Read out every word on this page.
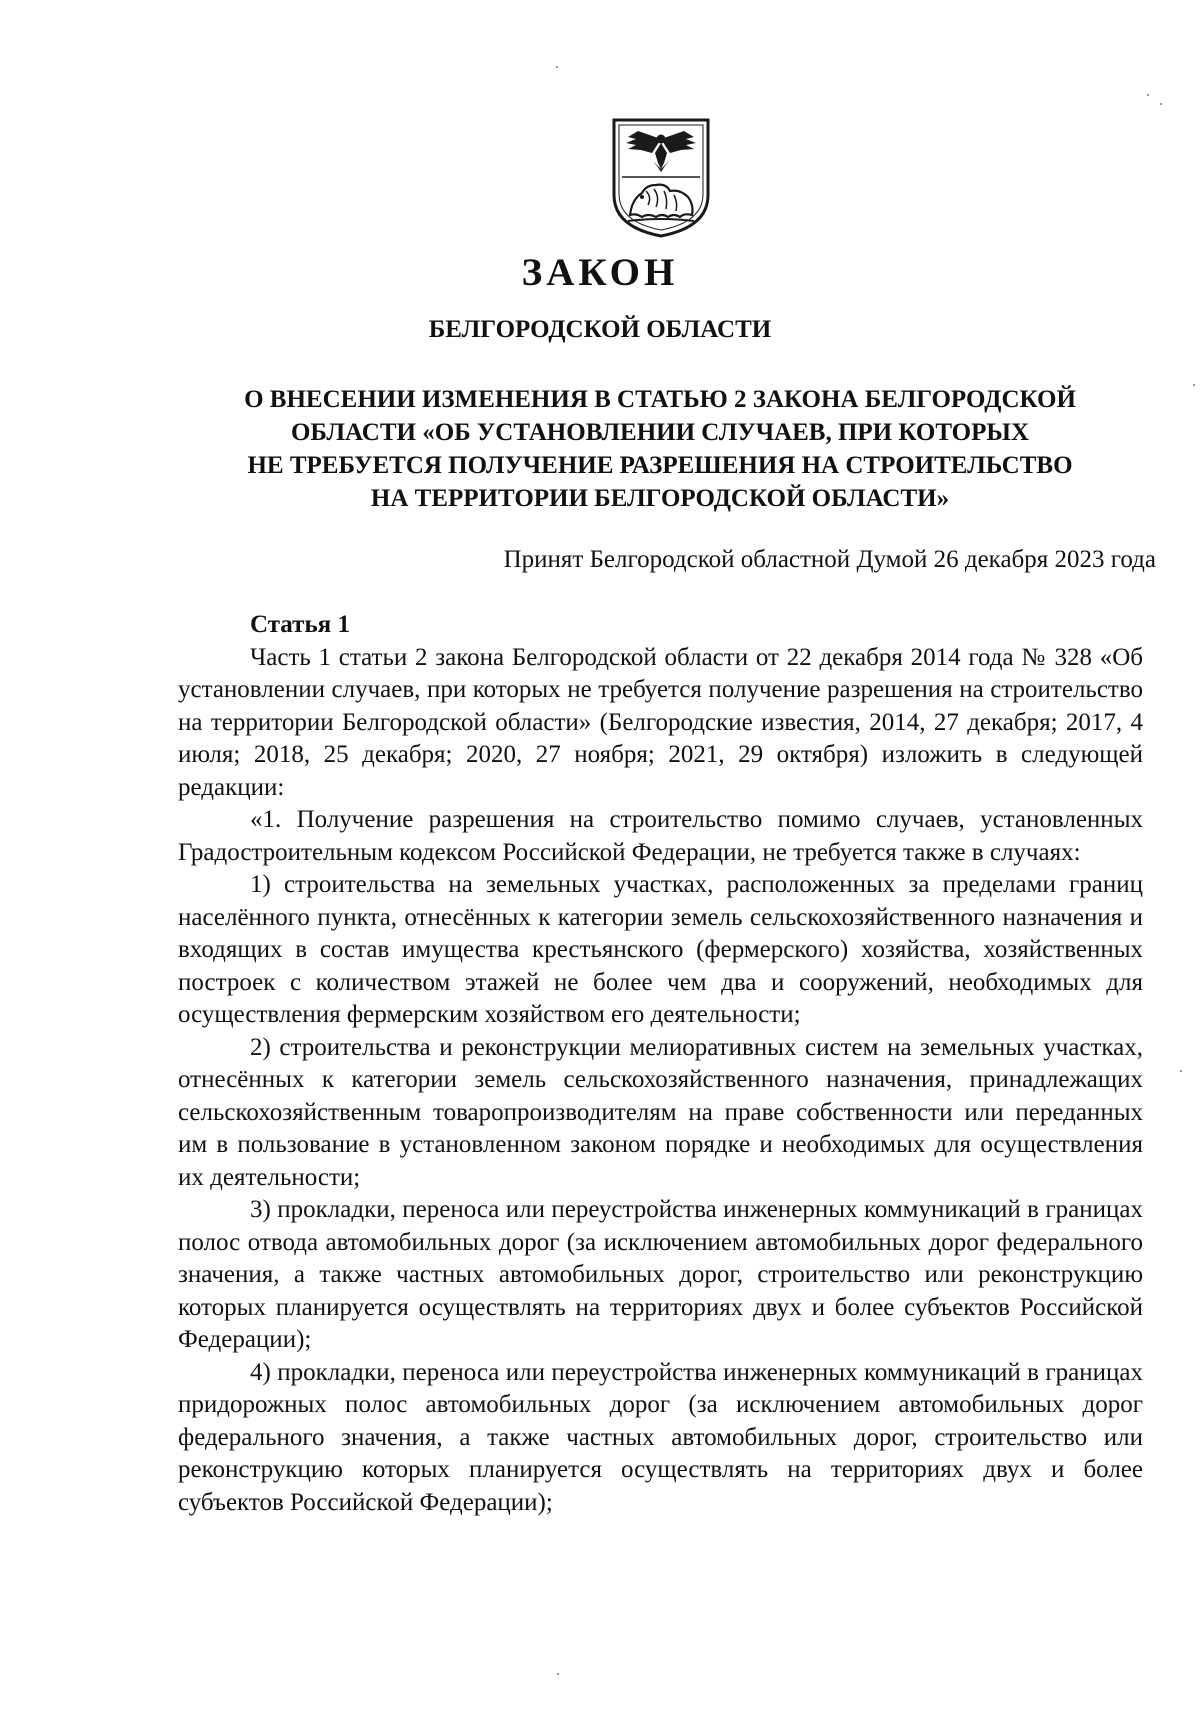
ЗАКОН
БЕЛГОРОДСКОЙ ОБЛАСТИ
О ВНЕСЕНИИ ИЗМЕНЕНИЯ В СТАТЬЮ 2 ЗАКОНА БЕЛГОРОДСКОЙ
ОБЛАСТИ «ОБ УСТАНОВЛЕНИИ СЛУЧАЕВ, ПРИ КОТОРЫХ
НЕ ТРЕБУЕТСЯ ПОЛУЧЕНИЕ РАЗРЕШЕНИЯ НА СТРОИТЕЛЬСТВО
НА ТЕРРИТОРИИ БЕЛГОРОДСКОЙ ОБЛАСТИ»
Принят Белгородской областной Думой 26 декабря 2023 года

Статья 1

Часть 1 статьи 2 закона Белгородской области от 22 декабря 2014 года № 328 «Об установлении случаев, при которых не требуется получение разрешения на строительство на территории Белгородской области» (Белгородские известия, 2014, 27 декабря; 2017, 4 июля; 2018, 25 декабря; 2020, 27 ноября; 2021, 29 октября) изложить в следующей редакции:

«1. Получение разрешения на строительство помимо случаев, установленных Градостроительным кодексом Российской Федерации, не требуется также в случаях:

1) строительства на земельных участках, расположенных за пределами границ населённого пункта, отнесённых к категории земель сельскохозяйственного назначения и входящих в состав имущества крестьянского (фермерского) хозяйства, хозяйственных построек с количеством этажей не более чем два и сооружений, необходимых для осуществления фермерским хозяйством его деятельности;

2) строительства и реконструкции мелиоративных систем на земельных участках, отнесённых к категории земель сельскохозяйственного назначения, принадлежащих сельскохозяйственным товаропроизводителям на праве собственности или переданных им в пользование в установленном законом порядке и необходимых для осуществления их деятельности;

3) прокладки, переноса или переустройства инженерных коммуникаций в границах полос отвода автомобильных дорог (за исключением автомобильных дорог федерального значения, а также частных автомобильных дорог, строительство или реконструкцию которых планируется осуществлять на территориях двух и более субъектов Российской Федерации);

4) прокладки, переноса или переустройства инженерных коммуникаций в границах придорожных полос автомобильных дорог (за исключением автомобильных дорог федерального значения, а также частных автомобильных дорог, строительство или реконструкцию которых планируется осуществлять на территориях двух и более субъектов Российской Федерации);
